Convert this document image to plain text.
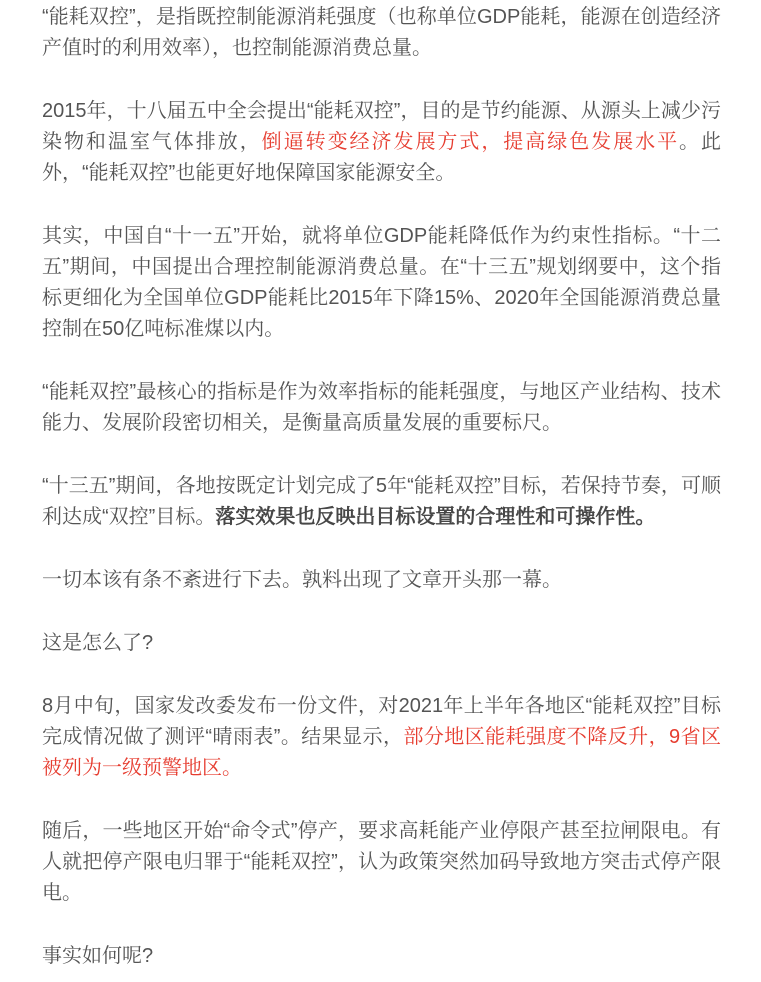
“能耗双控”，是指既控制能源消耗强度（也称单位GDP能耗，能源在创造经济产值时的利用效率），也控制能源消费总量。

2015年，十八届五中全会提出“能耗双控”，目的是节约能源、从源头上减少污染物和温室气体排放，倒逼转变经济发展方式，提高绿色发展水平。此外，“能耗双控”也能更好地保障国家能源安全。

其实，中国自“十一五”开始，就将单位GDP能耗降低作为约束性指标。“十二五”期间，中国提出合理控制能源消费总量。在“十三五”规划纲要中，这个指标更细化为全国单位GDP能耗比2015年下降15%、2020年全国能源消费总量控制在50亿吨标准煤以内。

“能耗双控”最核心的指标是作为效率指标的能耗强度，与地区产业结构、技术能力、发展阶段密切相关，是衡量高质量发展的重要标尺。

“十三五”期间，各地按既定计划完成了5年“能耗双控”目标，若保持节奏，可顺利达成“双控”目标。落实效果也反映出目标设置的合理性和可操作性。

一切本该有条不紊进行下去。孰料出现了文章开头那一幕。

这是怎么了?

8月中旬，国家发改委发布一份文件，对2021年上半年各地区“能耗双控”目标完成情况做了测评“晴雨表”。结果显示，部分地区能耗强度不降反升，9省区被列为一级预警地区。

随后，一些地区开始“命令式”停产，要求高耗能产业停限产甚至拉闸限电。有人就把停产限电归罪于“能耗双控”，认为政策突然加码导致地方突击式停产限电。

事实如何呢?
